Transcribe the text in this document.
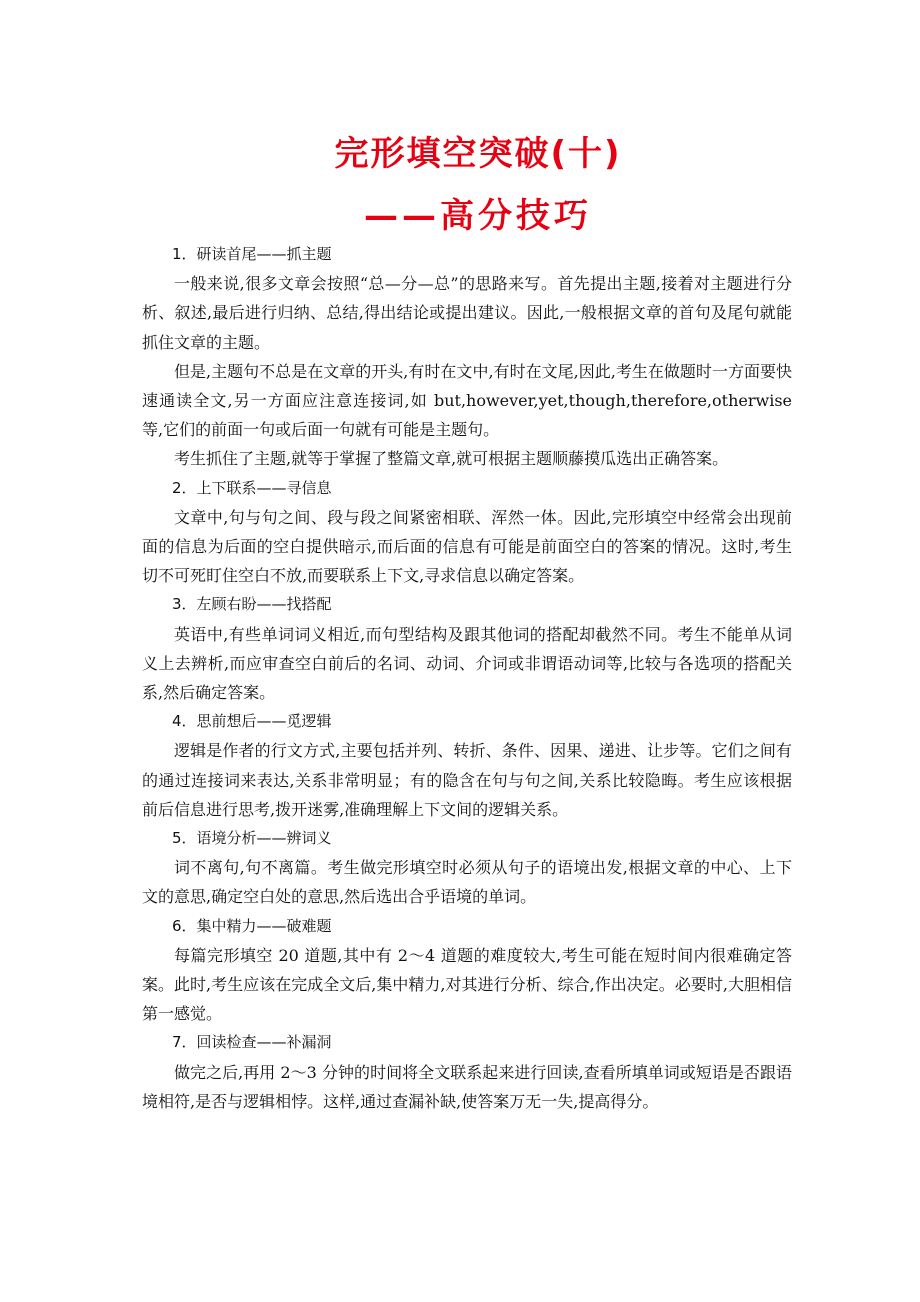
完形填空突破(十)
——高分技巧

1．研读首尾——抓主题

一般来说,很多文章会按照“总—分—总”的思路来写。首先提出主题,接着对主题进行分析、叙述,最后进行归纳、总结,得出结论或提出建议。因此,一般根据文章的首句及尾句就能抓住文章的主题。

但是,主题句不总是在文章的开头,有时在文中,有时在文尾,因此,考生在做题时一方面要快速通读全文,另一方面应注意连接词,如 but,however,yet,though,therefore,otherwise 等,它们的前面一句或后面一句就有可能是主题句。

考生抓住了主题,就等于掌握了整篇文章,就可根据主题顺藤摸瓜选出正确答案。

2．上下联系——寻信息

文章中,句与句之间、段与段之间紧密相联、浑然一体。因此,完形填空中经常会出现前面的信息为后面的空白提供暗示,而后面的信息有可能是前面空白的答案的情况。这时,考生切不可死盯住空白不放,而要联系上下文,寻求信息以确定答案。

3．左顾右盼——找搭配

英语中,有些单词词义相近,而句型结构及跟其他词的搭配却截然不同。考生不能单从词义上去辨析,而应审查空白前后的名词、动词、介词或非谓语动词等,比较与各选项的搭配关系,然后确定答案。

4．思前想后——觅逻辑

逻辑是作者的行文方式,主要包括并列、转折、条件、因果、递进、让步等。它们之间有的通过连接词来表达,关系非常明显；有的隐含在句与句之间,关系比较隐晦。考生应该根据前后信息进行思考,拨开迷雾,准确理解上下文间的逻辑关系。

5．语境分析——辨词义

词不离句,句不离篇。考生做完形填空时必须从句子的语境出发,根据文章的中心、上下文的意思,确定空白处的意思,然后选出合乎语境的单词。

6．集中精力——破难题

每篇完形填空 20 道题,其中有 2～4 道题的难度较大,考生可能在短时间内很难确定答案。此时,考生应该在完成全文后,集中精力,对其进行分析、综合,作出决定。必要时,大胆相信第一感觉。

7．回读检查——补漏洞

做完之后,再用 2～3 分钟的时间将全文联系起来进行回读,查看所填单词或短语是否跟语境相符,是否与逻辑相悖。这样,通过查漏补缺,使答案万无一失,提高得分。
